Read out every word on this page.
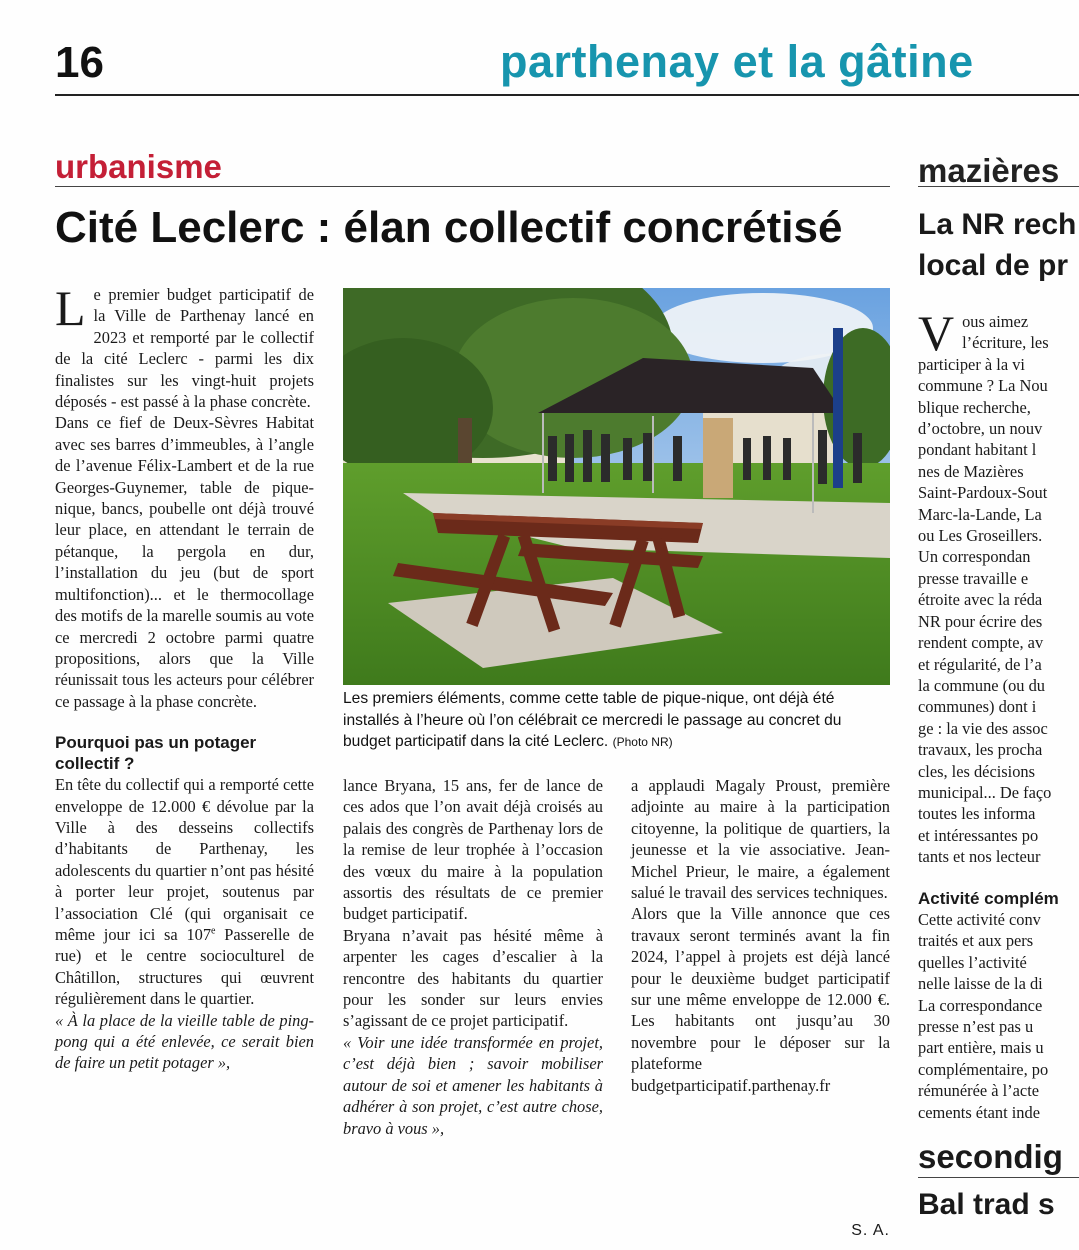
16	parthenay et la gâtine
urbanisme
Cité Leclerc : élan collectif concrétisé

Le premier budget participatif de la Ville de Parthenay lancé en 2023 et remporté par le collectif de la cité Leclerc - parmi les dix finalistes sur les vingt-huit projets déposés - est passé à la phase concrète.

Dans ce fief de Deux-Sèvres Habitat avec ses barres d’immeubles, à l’angle de l’avenue Félix-Lambert et de la rue Georges-Guynemer, table de pique-nique, bancs, poubelle ont déjà trouvé leur place, en attendant le terrain de pétanque, la pergola en dur, l’installation du jeu (but de sport multifonction)... et le thermocollage des motifs de la marelle soumis au vote ce mercredi 2 octobre parmi quatre propositions, alors que la Ville réunissait tous les acteurs pour célébrer ce passage à la phase concrète.

Pourquoi pas un potager collectif ?

En tête du collectif qui a remporté cette enveloppe de 12.000 € dévolue par la Ville à des desseins collectifs d’habitants de Parthenay, les adolescents du quartier n’ont pas hésité à porter leur projet, soutenus par l’association Clé (qui organisait ce même jour ici sa 107e Passerelle de rue) et le centre socioculturel de Châtillon, structures qui œuvrent régulièrement dans le quartier.

« À la place de la vieille table de ping-pong qui a été enlevée, ce serait bien de faire un petit potager »,

Les premiers éléments, comme cette table de pique-nique, ont déjà été installés à l’heure où l’on célébrait ce mercredi le passage au concret du budget participatif dans la cité Leclerc. (Photo NR)

lance Bryana, 15 ans, fer de lance de ces ados que l’on avait déjà croisés au palais des congrès de Parthenay lors de la remise de leur trophée à l’occasion des vœux du maire à la population assortis des résultats de ce premier budget participatif.

Bryana n’avait pas hésité même à arpenter les cages d’escalier à la rencontre des habitants du quartier pour les sonder sur leurs envies s’agissant de ce projet participatif.

« Voir une idée transformée en projet, c’est déjà bien ; savoir mobiliser autour de soi et amener les habitants à adhérer à son projet, c’est autre chose, bravo à vous »,

a applaudi Magaly Proust, première adjointe au maire à la participation citoyenne, la politique de quartiers, la jeunesse et la vie associative. Jean-Michel Prieur, le maire, a également salué le travail des services techniques.

Alors que la Ville annonce que ces travaux seront terminés avant la fin 2024, l’appel à projets est déjà lancé pour le deuxième budget participatif sur une même enveloppe de 12.000 €. Les habitants ont jusqu’au 30 novembre pour le déposer sur la plateforme budgetparticipatif.parthenay.fr

S. A.
mazières
La NR rech
local de pr

Vous aimez

l’écriture, les

participer à la vi

commune ? La Nou

blique recherche,

d’octobre, un nouv

pondant habitant l

nes de Mazières

Saint-Pardoux-Sout

Marc-la-Lande, La

ou Les Groseillers.

Un correspondan

presse travaille e

étroite avec la réda

NR pour écrire des

rendent compte, av

et régularité, de l’a

la commune (ou du

communes) dont i

ge : la vie des assoc

travaux, les procha

cles, les décisions

municipal... De faço

toutes les informa

et intéressantes po

tants et nos lecteur

Activité complém

Cette activité conv

traités et aux pers

quelles l’activité

nelle laisse de la di

La correspondance

presse n’est pas u

part entière, mais u

complémentaire, po

rémunérée à l’acte

cements étant inde

secondig
Bal trad s
